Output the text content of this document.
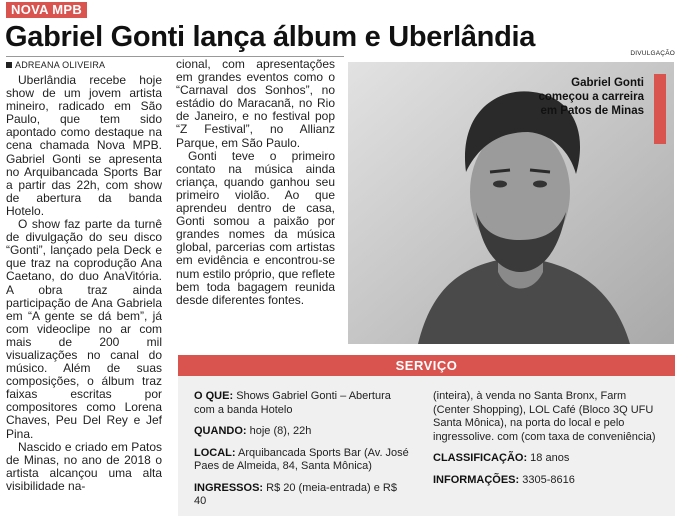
NOVA MPB
Gabriel Gonti lança álbum e Uberlândia
ADREANA OLIVEIRA

Uberlândia recebe hoje show de um jovem artista mineiro, radicado em São Paulo, que tem sido apontado como destaque na cena chamada Nova MPB. Gabriel Gonti se apresenta no Arquibancada Sports Bar a partir das 22h, com show de abertura da banda Hotelo.

O show faz parte da turnê de divulgação do seu disco “Gonti”, lançado pela Deck e que traz na coprodução Ana Caetano, do duo AnaVitória. A obra traz ainda participação de Ana Gabriela em “A gente se dá bem”, já com videoclipe no ar com mais de 200 mil visualizações no canal do músico. Além de suas composições, o álbum traz faixas escritas por compositores como Lorena Chaves, Peu Del Rey e Jef Pina.

Nascido e criado em Patos de Minas, no ano de 2018 o artista alcançou uma alta visibilidade na-

cional, com apresentações em grandes eventos como o “Carnaval dos Sonhos”, no estádio do Maracanã, no Rio de Janeiro, e no festival pop “Z Festival”, no Allianz Parque, em São Paulo.

Gonti teve o primeiro contato na música ainda criança, quando ganhou seu primeiro violão. Ao que aprendeu dentro de casa, Gonti somou a paixão por grandes nomes da música global, parcerias com artistas em evidência e encontrou-se num estilo próprio, que reflete bem toda bagagem reunida desde diferentes fontes.

DIVULGAÇÃO
Gabriel Gonti começou a carreira em Patos de Minas
SERVIÇO

O QUE: Shows Gabriel Gonti – Abertura com a banda Hotelo

QUANDO: hoje (8), 22h

LOCAL: Arquibancada Sports Bar (Av. José Paes de Almeida, 84, Santa Mônica)

INGRESSOS: R$ 20 (meia-entrada) e R$ 40

(inteira), à venda no Santa Bronx, Farm (Center Shopping), LOL Café (Bloco 3Q UFU Santa Mônica), na porta do local e pelo ingressolive. com (com taxa de conveniência)

CLASSIFICAÇÃO: 18 anos

INFORMAÇÕES: 3305-8616
